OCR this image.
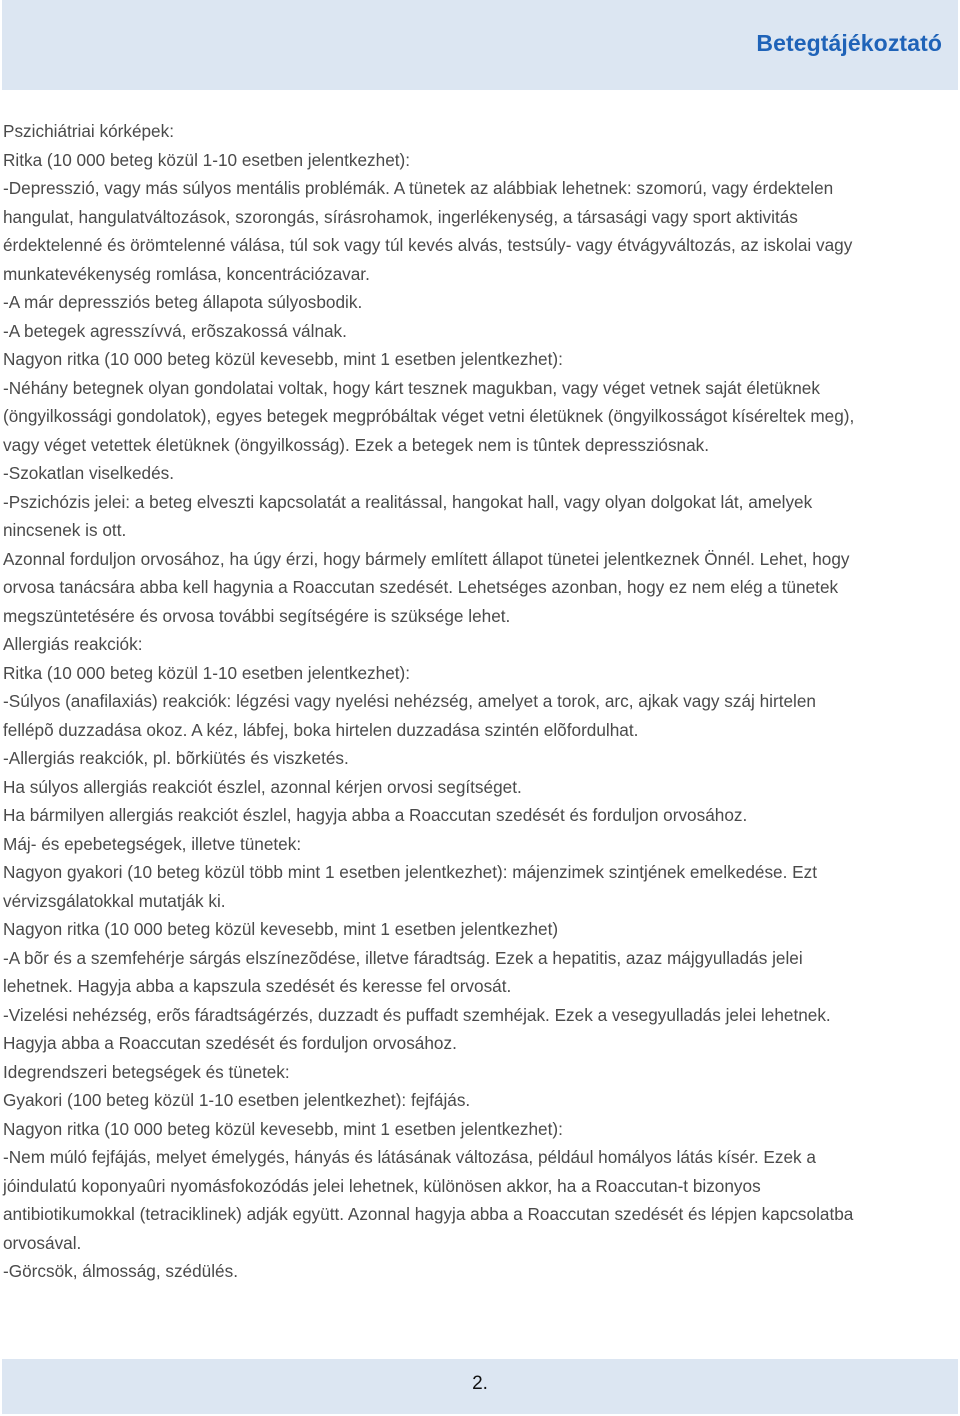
Betegtájékoztató
Pszichiátriai kórképek:
Ritka (10 000 beteg közül 1-10 esetben jelentkezhet):
-Depresszió, vagy más súlyos mentális problémák. A tünetek az alábbiak lehetnek: szomorú, vagy érdektelen
hangulat, hangulatváltozások, szorongás, sírásrohamok, ingerlékenység, a társasági vagy sport aktivitás
érdektelenné és örömtelenné válása, túl sok vagy túl kevés alvás, testsúly- vagy étvágyváltozás, az iskolai vagy
munkatevékenység romlása, koncentrációzavar.
-A már depressziós beteg állapota súlyosbodik.
-A betegek agresszívvá, erõszakossá válnak.
Nagyon ritka (10 000 beteg közül kevesebb, mint 1 esetben jelentkezhet):
-Néhány betegnek olyan gondolatai voltak, hogy kárt tesznek magukban, vagy véget vetnek saját életüknek
(öngyilkossági gondolatok), egyes betegek megpróbáltak véget vetni életüknek (öngyilkosságot kíséreltek meg),
vagy véget vetettek életüknek (öngyilkosság). Ezek a betegek nem is tûntek depressziósnak.
-Szokatlan viselkedés.
-Pszichózis jelei: a beteg elveszti kapcsolatát a realitással, hangokat hall, vagy olyan dolgokat lát, amelyek
nincsenek is ott.
Azonnal forduljon orvosához, ha úgy érzi, hogy bármely említett állapot tünetei jelentkeznek Önnél. Lehet, hogy
orvosa tanácsára abba kell hagynia a Roaccutan szedését. Lehetséges azonban, hogy ez nem elég a tünetek
megszüntetésére és orvosa további segítségére is szüksége lehet.
Allergiás reakciók:
Ritka (10 000 beteg közül 1-10 esetben jelentkezhet):
-Súlyos (anafilaxiás) reakciók: légzési vagy nyelési nehézség, amelyet a torok, arc, ajkak vagy száj hirtelen
fellépõ duzzadása okoz. A kéz, lábfej, boka hirtelen duzzadása szintén elõfordulhat.
-Allergiás reakciók, pl. bõrkiütés és viszketés.
Ha súlyos allergiás reakciót észlel, azonnal kérjen orvosi segítséget.
Ha bármilyen allergiás reakciót észlel, hagyja abba a Roaccutan szedését és forduljon orvosához.
Máj- és epebetegségek, illetve tünetek:
Nagyon gyakori (10 beteg közül több mint 1 esetben jelentkezhet): májenzimek szintjének emelkedése. Ezt
vérvizsgálatokkal mutatják ki.
Nagyon ritka (10 000 beteg közül kevesebb, mint 1 esetben jelentkezhet)
-A bõr és a szemfehérje sárgás elszínezõdése, illetve fáradtság. Ezek a hepatitis, azaz májgyulladás jelei
lehetnek. Hagyja abba a kapszula szedését és keresse fel orvosát.
-Vizelési nehézség, erõs fáradtságérzés, duzzadt és puffadt szemhéjak. Ezek a vesegyulladás jelei lehetnek.
Hagyja abba a Roaccutan szedését és forduljon orvosához.
Idegrendszeri betegségek és tünetek:
Gyakori (100 beteg közül 1-10 esetben jelentkezhet): fejfájás.
Nagyon ritka (10 000 beteg közül kevesebb, mint 1 esetben jelentkezhet):
-Nem múló fejfájás, melyet émelygés, hányás és látásának változása, például homályos látás kísér. Ezek a
jóindulatú koponyaûri nyomásfokozódás jelei lehetnek, különösen akkor, ha a Roaccutan-t bizonyos
antibiotikumokkal (tetraciklinek) adják együtt. Azonnal hagyja abba a Roaccutan szedését és lépjen kapcsolatba
orvosával.
-Görcsök, álmosság, szédülés.
2.
